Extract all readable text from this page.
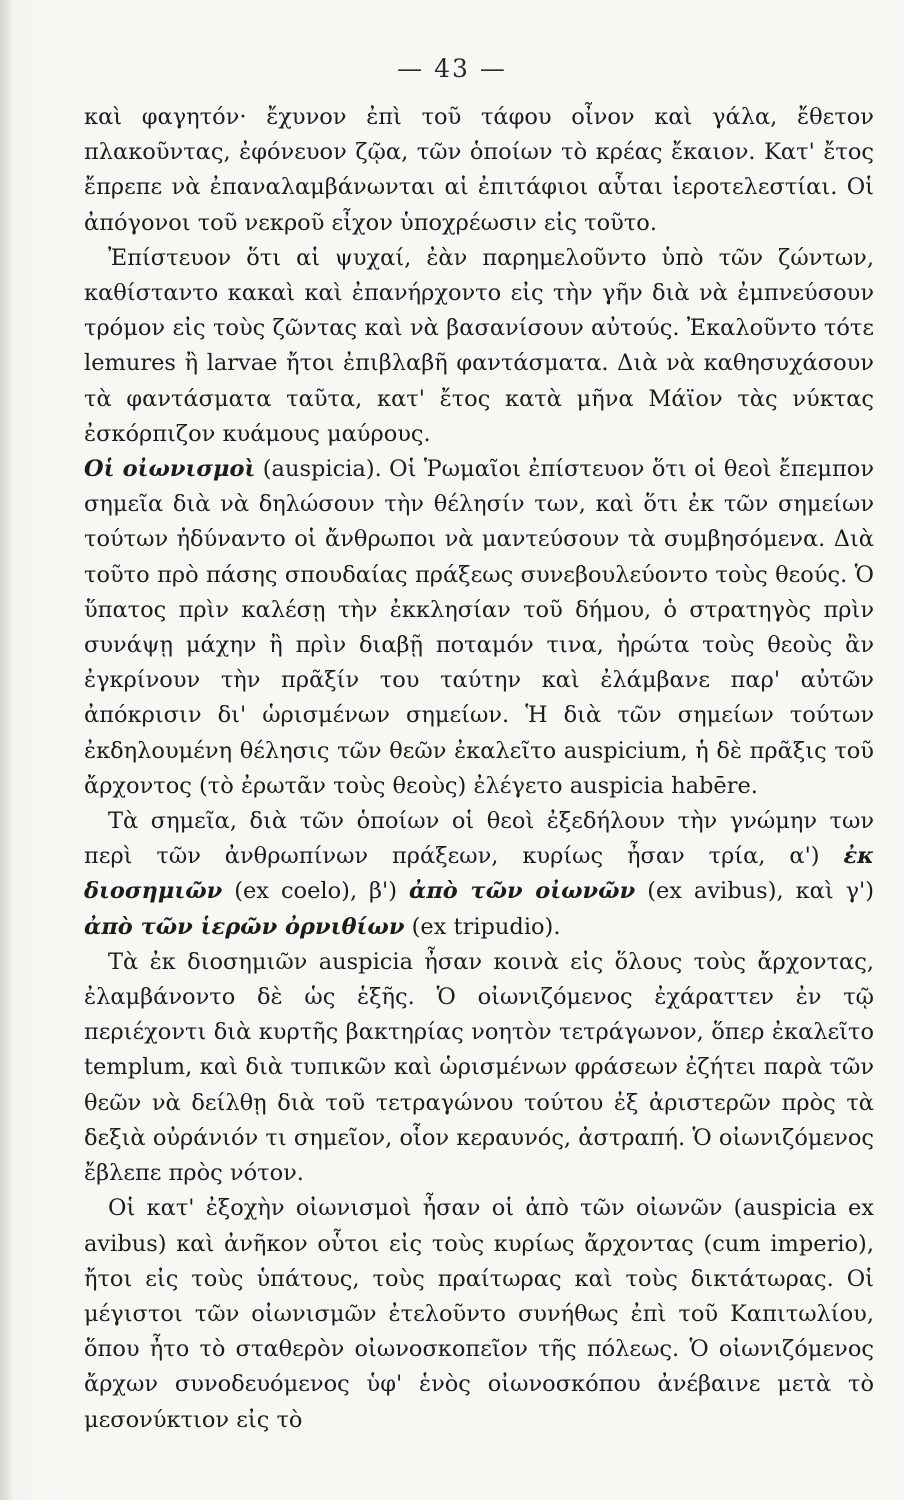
— 43 —

καὶ φαγητόν· ἔχυνον ἐπὶ τοῦ τάφου οἶνον καὶ γάλα, ἔθετον πλακοῦντας, ἐφόνευον ζῷα, τῶν ὁποίων τὸ κρέας ἔκαιον. Κατ' ἔτος ἔπρεπε νὰ ἐπαναλαμβάνωνται αἱ ἐπιτάφιοι αὗται ἱεροτελεστίαι. Οἱ ἀπόγονοι τοῦ νεκροῦ εἶχον ὑποχρέωσιν εἰς τοῦτο.

Ἐπίστευον ὅτι αἱ ψυχαί, ἐὰν παρημελοῦντο ὑπὸ τῶν ζώντων, καθίσταντο κακαὶ καὶ ἐπανήρχοντο εἰς τὴν γῆν διὰ νὰ ἐμπνεύσουν τρόμον εἰς τοὺς ζῶντας καὶ νὰ βασανίσουν αὐτούς. Ἐκαλοῦντο τότε lemures ἢ larvae ἤτοι ἐπιβλαβῆ φαντάσματα. Διὰ νὰ καθησυχάσουν τὰ φαντάσματα ταῦτα, κατ' ἔτος κατὰ μῆνα Μάϊον τὰς νύκτας ἐσκόρπιζον κυάμους μαύρους.

Οἱ οἰωνισμοὶ (auspicia). Οἱ Ῥωμαῖοι ἐπίστευον ὅτι οἱ θεοὶ ἔπεμπον σημεῖα διὰ νὰ δηλώσουν τὴν θέλησίν των, καὶ ὅτι ἐκ τῶν σημείων τούτων ἠδύναντο οἱ ἄνθρωποι νὰ μαντεύσουν τὰ συμβησόμενα. Διὰ τοῦτο πρὸ πάσης σπουδαίας πράξεως συνεβουλεύοντο τοὺς θεούς. Ὁ ὕπατος πρὶν καλέσῃ τὴν ἐκκλησίαν τοῦ δήμου, ὁ στρατηγὸς πρὶν συνάψῃ μάχην ἢ πρὶν διαβῇ ποταμόν τινα, ἠρώτα τοὺς θεοὺς ἂν ἐγκρίνουν τὴν πρᾶξίν του ταύτην καὶ ἐλάμβανε παρ' αὐτῶν ἀπόκρισιν δι' ὡρισμένων σημείων. Ἡ διὰ τῶν σημείων τούτων ἐκδηλουμένη θέλησις τῶν θεῶν ἐκαλεῖτο auspicium, ἡ δὲ πρᾶξις τοῦ ἄρχοντος (τὸ ἐρωτᾶν τοὺς θεοὺς) ἐλέγετο auspicia habēre.

Τὰ σημεῖα, διὰ τῶν ὁποίων οἱ θεοὶ ἐξεδήλουν τὴν γνώμην των περὶ τῶν ἀνθρωπίνων πράξεων, κυρίως ἦσαν τρία, α') ἐκ διοσημιῶν (ex coelo), β') ἀπὸ τῶν οἰωνῶν (ex avibus), καὶ γ') ἀπὸ τῶν ἱερῶν ὀρνιθίων (ex tripudio).

Τὰ ἐκ διοσημιῶν auspicia ἦσαν κοινὰ εἰς ὅλους τοὺς ἄρχοντας, ἐλαμβάνοντο δὲ ὡς ἑξῆς. Ὁ οἰωνιζόμενος ἐχάραττεν ἐν τῷ περιέχοντι διὰ κυρτῆς βακτηρίας νοητὸν τετράγωνον, ὅπερ ἐκαλεῖτο templum, καὶ διὰ τυπικῶν καὶ ὡρισμένων φράσεων ἐζήτει παρὰ τῶν θεῶν νὰ δείλθῃ διὰ τοῦ τετραγώνου τούτου ἐξ ἀριστερῶν πρὸς τὰ δεξιὰ οὐράνιόν τι σημεῖον, οἷον κεραυνός, ἀστραπή. Ὁ οἰωνιζόμενος ἔβλεπε πρὸς νότον.

Οἱ κατ' ἐξοχὴν οἰωνισμοὶ ἦσαν οἱ ἀπὸ τῶν οἰωνῶν (auspicia ex avibus) καὶ ἀνῆκον οὗτοι εἰς τοὺς κυρίως ἄρχοντας (cum imperio), ἤτοι εἰς τοὺς ὑπάτους, τοὺς πραίτωρας καὶ τοὺς δικτάτωρας. Οἱ μέγιστοι τῶν οἰωνισμῶν ἐτελοῦντο συνήθως ἐπὶ τοῦ Καπιτωλίου, ὅπου ἦτο τὸ σταθερὸν οἰωνοσκοπεῖον τῆς πόλεως. Ὁ οἰωνιζόμενος ἄρχων συνοδευόμενος ὑφ' ἑνὸς οἰωνοσκόπου ἀνέβαινε μετὰ τὸ μεσονύκτιον εἰς τὸ
